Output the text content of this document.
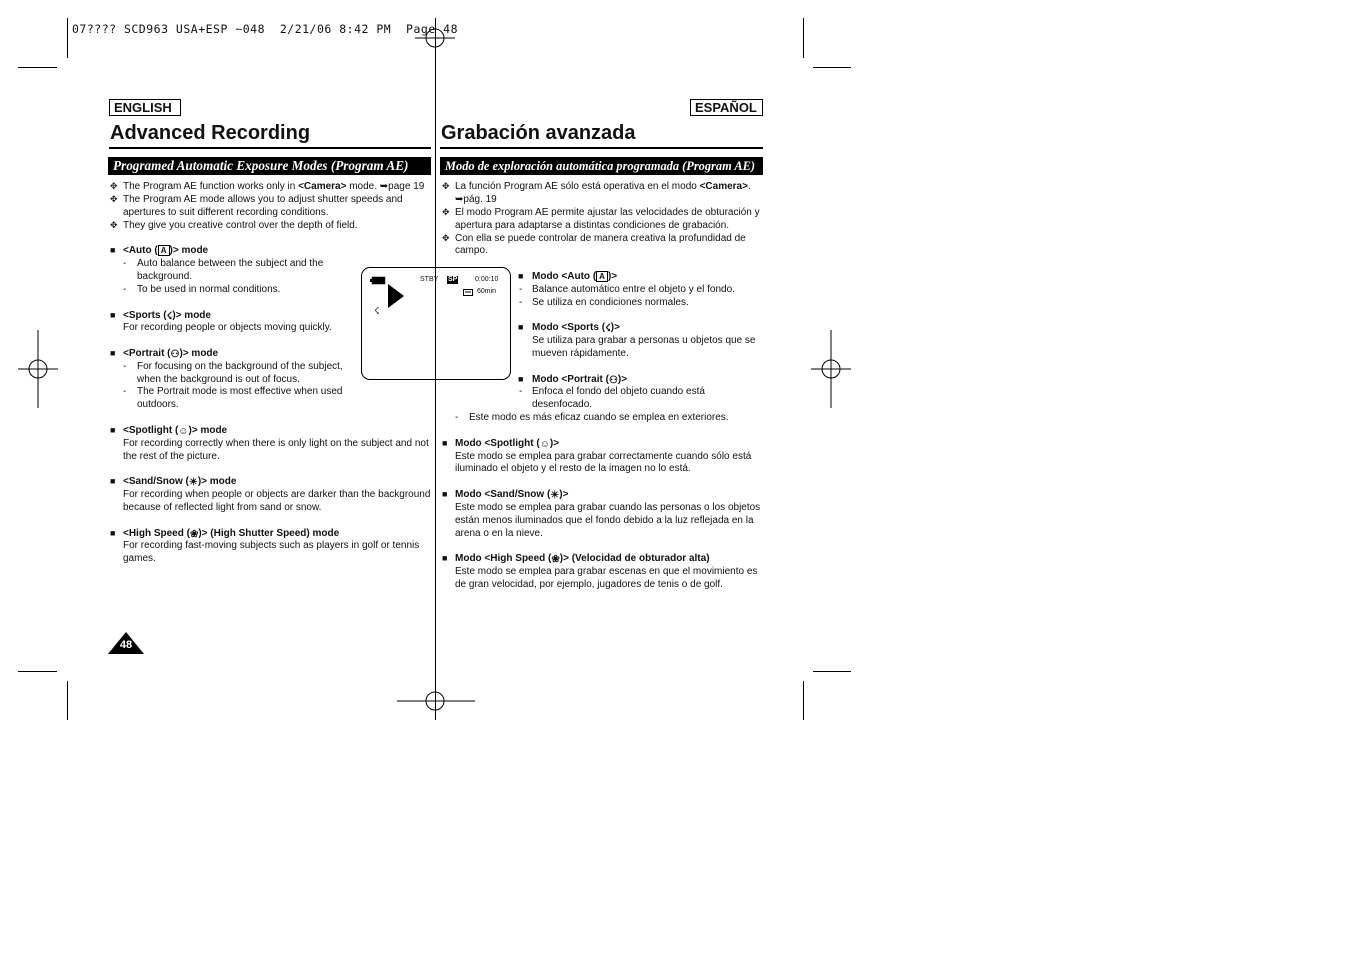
07???? SCD963 USA+ESP ~048  2/21/06 8:42 PM  Page 48
ENGLISH
Advanced Recording
Programed Automatic Exposure Modes (Program AE)
✥ The Program AE function works only in <Camera> mode. ➥page 19
✥ The Program AE mode allows you to adjust shutter speeds and
apertures to suit different recording conditions.
✥ They give you creative control over the depth of field.
■ <Auto ( A )> mode
- Auto balance between the subject and the
background.
- To be used in normal conditions.
■ <Sports (☇)> mode
For recording people or objects moving quickly.
■ <Portrait (⚇)> mode
- For focusing on the background of the subject,
when the background is out of focus.
- The Portrait mode is most effective when used
outdoors.
■ <Spotlight (☺)> mode
For recording correctly when there is only light on the subject and not
the rest of the picture.
■ <Sand/Snow (☀)> mode
For recording when people or objects are darker than the background
because of reflected light from sand or snow.
■ <High Speed (❀)> (High Shutter Speed) mode
For recording fast-moving subjects such as players in golf or tennis
games.
48
STBY SP	0:00:10
60min
☇
ESPAÑOL
Grabación avanzada
Modo de exploración automática programada (Program AE)
✥ La función Program AE sólo está operativa en el modo <Camera>.
➥pág. 19
✥ El modo Program AE permite ajustar las velocidades de obturación y
apertura para adaptarse a distintas condiciones de grabación.
✥ Con ella se puede controlar de manera creativa la profundidad de
campo.
■ Modo <Auto ( A )>
- Balance automático entre el objeto y el fondo.
- Se utiliza en condiciones normales.
■ Modo <Sports (☇)>
Se utiliza para grabar a personas u objetos que se
mueven rápidamente.
■ Modo <Portrait (⚇)>
- Enfoca el fondo del objeto cuando está
desenfocado.
- Este modo es más eficaz cuando se emplea en exteriores.
■ Modo <Spotlight (☺)>
Este modo se emplea para grabar correctamente cuando sólo está
iluminado el objeto y el resto de la imagen no lo está.
■ Modo <Sand/Snow (☀)>
Este modo se emplea para grabar cuando las personas o los objetos
están menos iluminados que el fondo debido a la luz reflejada en la
arena o en la nieve.
■ Modo <High Speed (❀)> (Velocidad de obturador alta)
Este modo se emplea para grabar escenas en que el movimiento es
de gran velocidad, por ejemplo, jugadores de tenis o de golf.
